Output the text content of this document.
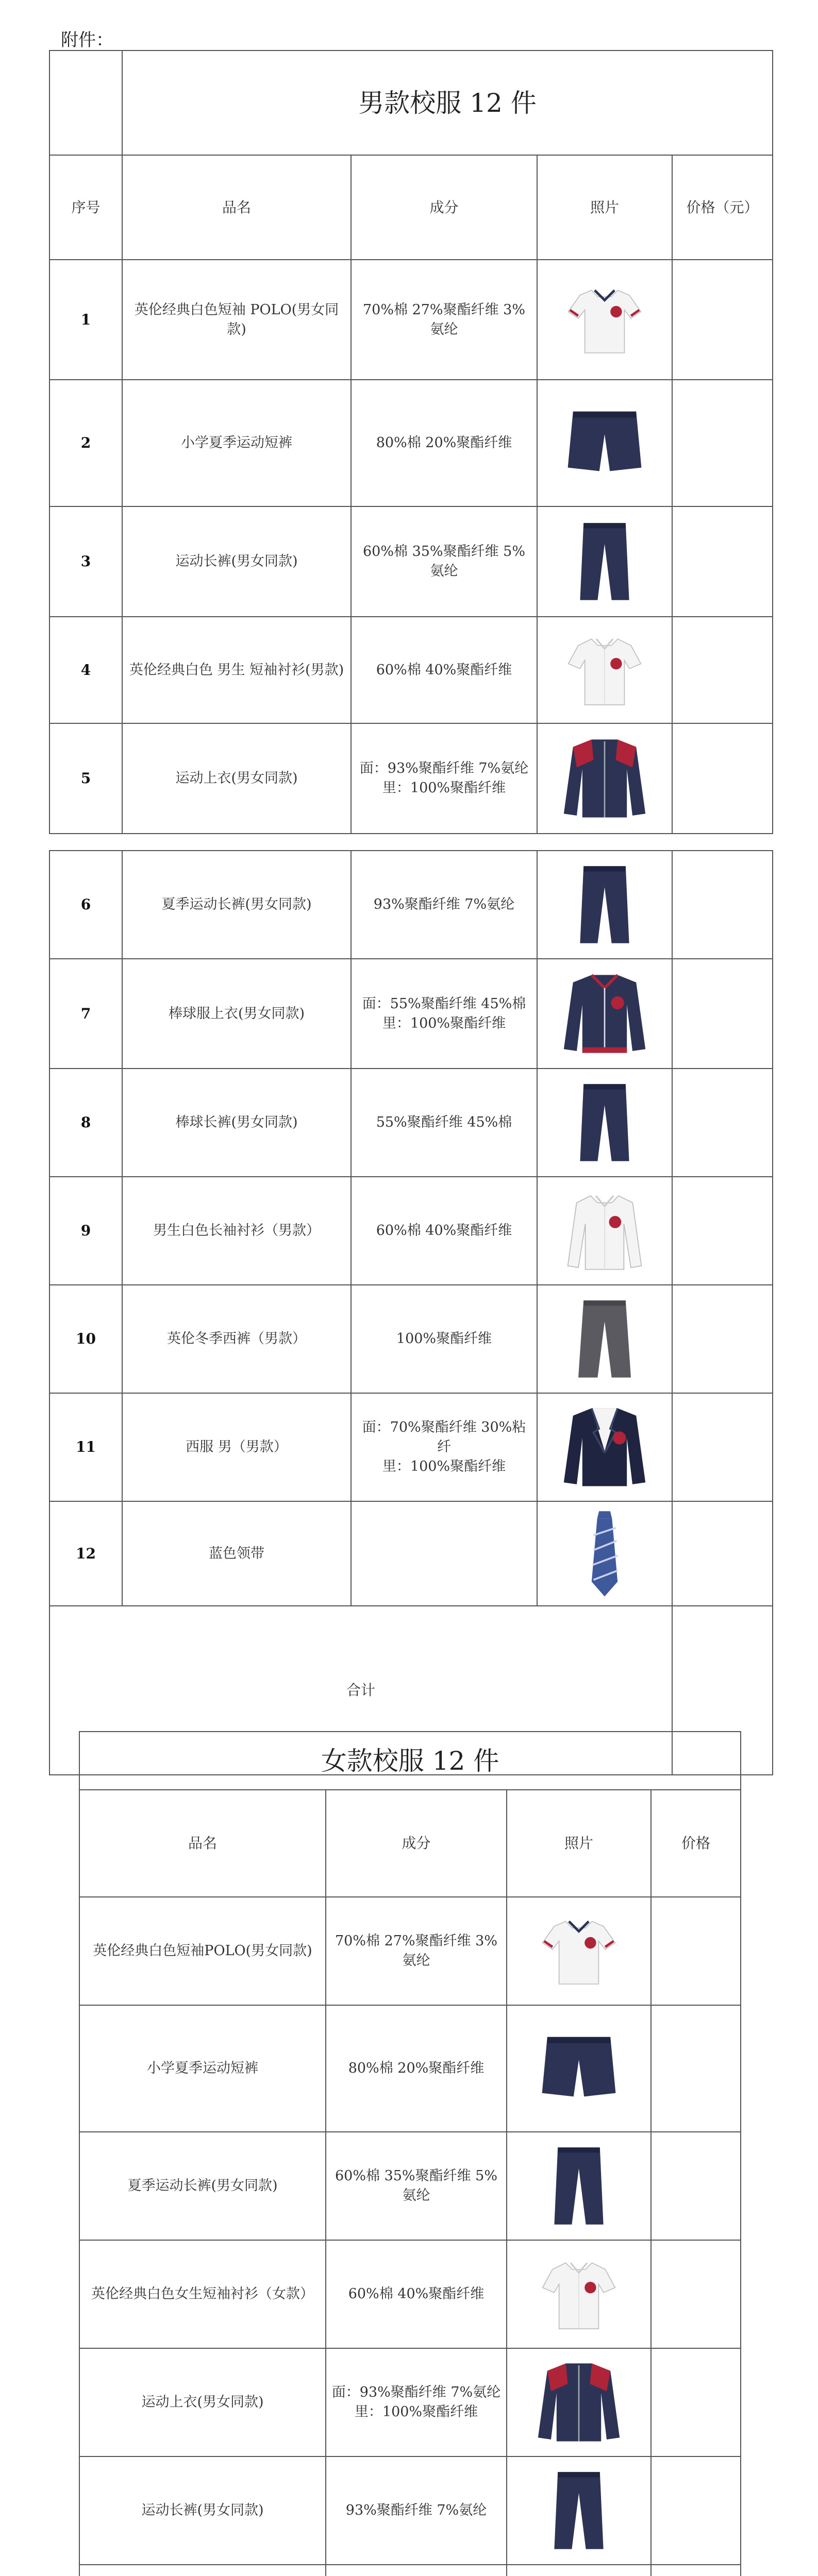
附件：
	男款校服 12 件			
序号	品名	成分	照片	价格（元）
1	英伦经典白色短袖 POLO(男女同款)	70%棉 27%聚酯纤维 3%氨纶	

2	小学夏季运动短裤	80%棉 20%聚酯纤维	

3	运动长裤(男女同款)	60%棉 35%聚酯纤维 5%氨纶	

4	英伦经典白色 男生 短袖衬衫(男款)	60%棉 40%聚酯纤维	

5	运动上衣(男女同款)	面：93%聚酯纤维 7%氨纶
里：100%聚酯纤维	

6	夏季运动长裤(男女同款)	93%聚酯纤维 7%氨纶	

7	棒球服上衣(男女同款)	面：55%聚酯纤维 45%棉
里：100%聚酯纤维	

8	棒球长裤(男女同款)	55%聚酯纤维 45%棉	

9	男生白色长袖衬衫（男款）	60%棉 40%聚酯纤维	

10	英伦冬季西裤（男款）	100%聚酯纤维	

11	西服 男（男款）	面：70%聚酯纤维 30%粘纤
里：100%聚酯纤维	

12	蓝色领带		

合计				
女款校服 12 件			
品名	成分	照片	价格
英伦经典白色短袖POLO(男女同款)	70%棉 27%聚酯纤维 3%氨纶	

小学夏季运动短裤	80%棉 20%聚酯纤维	

夏季运动长裤(男女同款)	60%棉 35%聚酯纤维 5%氨纶	

英伦经典白色女生短袖衬衫（女款）	60%棉 40%聚酯纤维	

运动上衣(男女同款)	面：93%聚酯纤维 7%氨纶
里：100%聚酯纤维	

运动长裤(男女同款)	93%聚酯纤维 7%氨纶	
